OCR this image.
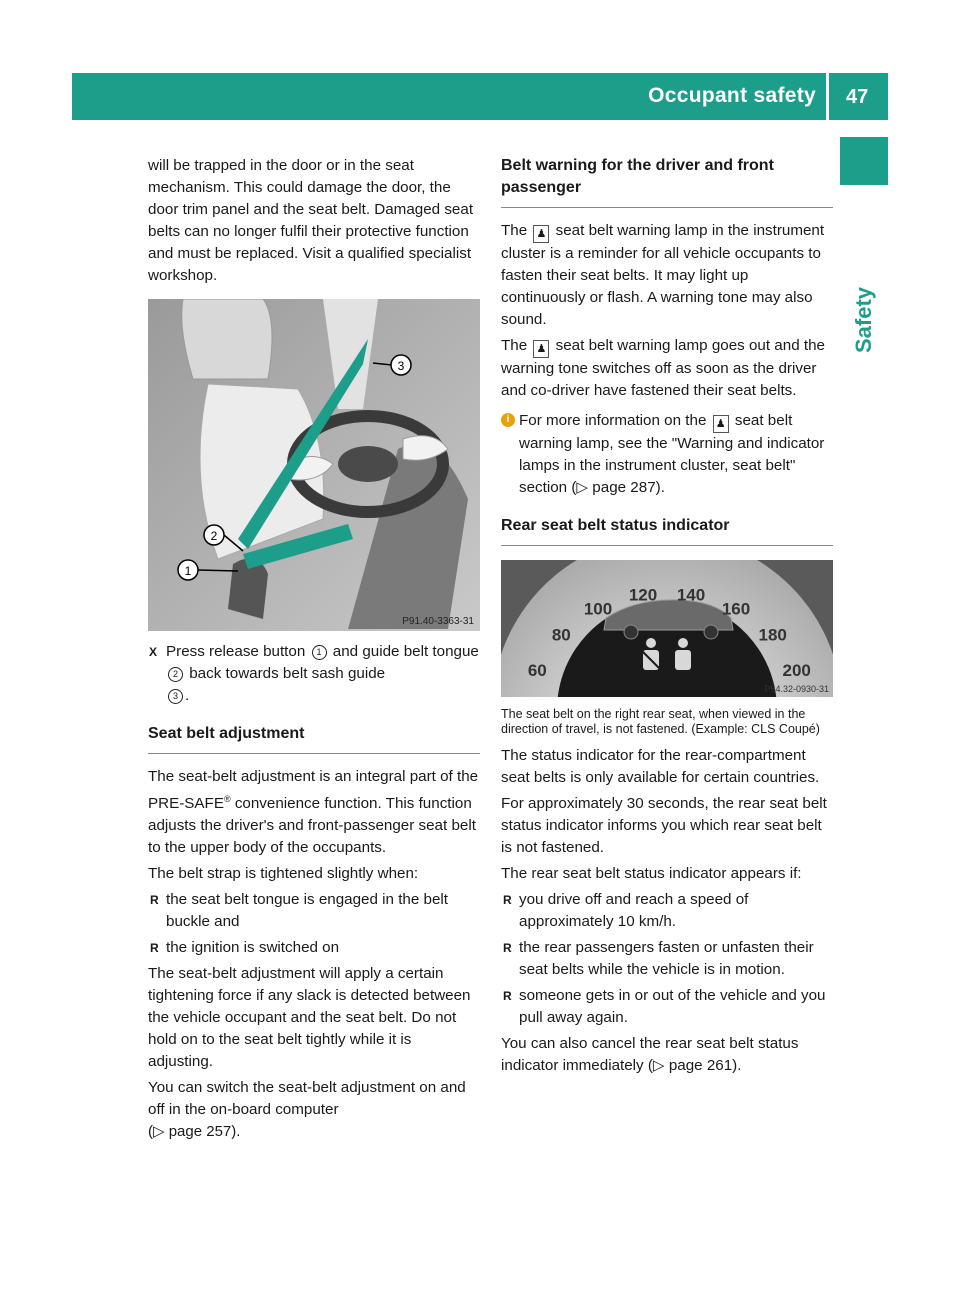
Occupant safety 47
Safety

will be trapped in the door or in the seat mechanism. This could damage the door, the door trim panel and the seat belt. Damaged seat belts can no longer fulfil their protective function and must be replaced. Visit a qualified specialist workshop.

3
2
1
P91.40-3363-31

X Press release button 1 and guide belt tongue 2 back towards belt sash guide
3 .

Seat belt adjustment

The seat-belt adjustment is an integral part of the PRE-SAFE® convenience function. This function adjusts the driver's and front-passenger seat belt to the upper body of the occupants.

The belt strap is tightened slightly when:

R the seat belt tongue is engaged in the belt buckle and

R the ignition is switched on

The seat-belt adjustment will apply a certain tightening force if any slack is detected between the vehicle occupant and the seat belt. Do not hold on to the seat belt tightly while it is adjusting.

You can switch the seat-belt adjustment on and off in the on-board computer
(▷ page 257).

Belt warning for the driver and front passenger

The ♟ seat belt warning lamp in the instrument cluster is a reminder for all vehicle occupants to fasten their seat belts. It may light up continuously or flash. A warning tone may also sound.

The ♟ seat belt warning lamp goes out and the warning tone switches off as soon as the driver and co-driver have fastened their seat belts.

i For more information on the ♟ seat belt warning lamp, see the "Warning and indicator lamps in the instrument cluster, seat belt" section (▷ page 287).

Rear seat belt status indicator
60
80
100
120 140
160
180
200
P54.32-0930-31

The seat belt on the right rear seat, when viewed in the direction of travel, is not fastened. (Example: CLS Coupé)

The status indicator for the rear-compartment seat belts is only available for certain countries.

For approximately 30 seconds, the rear seat belt status indicator informs you which rear seat belt is not fastened.

The rear seat belt status indicator appears if:

R you drive off and reach a speed of approximately 10 km/h.

R the rear passengers fasten or unfasten their seat belts while the vehicle is in motion.

R someone gets in or out of the vehicle and you pull away again.

You can also cancel the rear seat belt status indicator immediately (▷ page 261).
